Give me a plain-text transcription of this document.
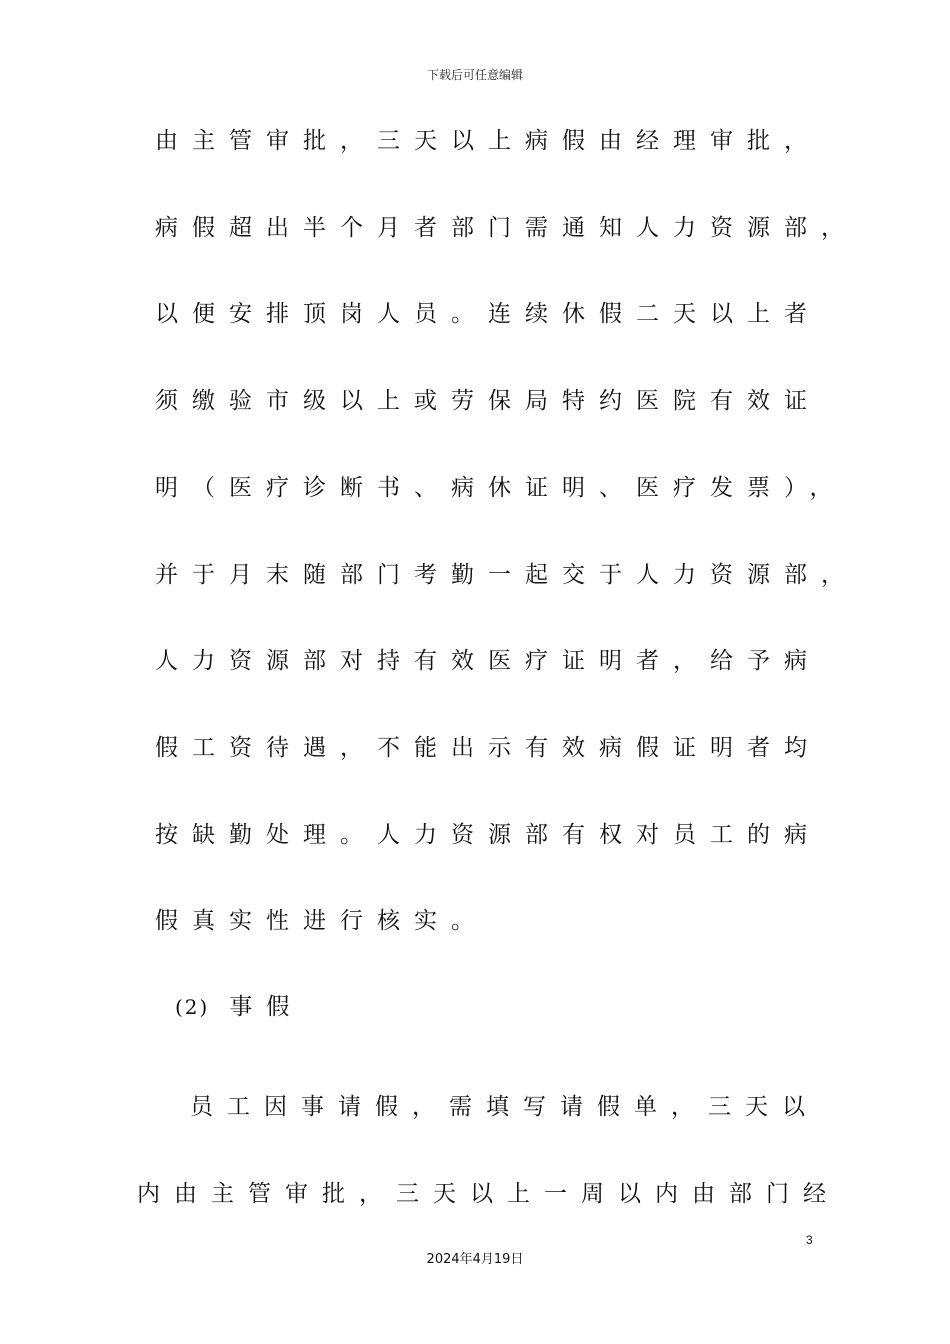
下载后可任意编辑
由主管审批，三天以上病假由经理审批，
病假超出半个月者部门需通知人力资源部，
以便安排顶岗人员。连续休假二天以上者
须缴验市级以上或劳保局特约医院有效证
明（医疗诊断书、病休证明、医疗发票），
并于月末随部门考勤一起交于人力资源部，
人力资源部对持有效医疗证明者，给予病
假工资待遇，不能出示有效病假证明者均
按缺勤处理。人力资源部有权对员工的病
假真实性进行核实。
(2) 事假
员工因事请假，需填写请假单，三天以
内由主管审批，三天以上一周以内由部门经
3
2024年4月19日
